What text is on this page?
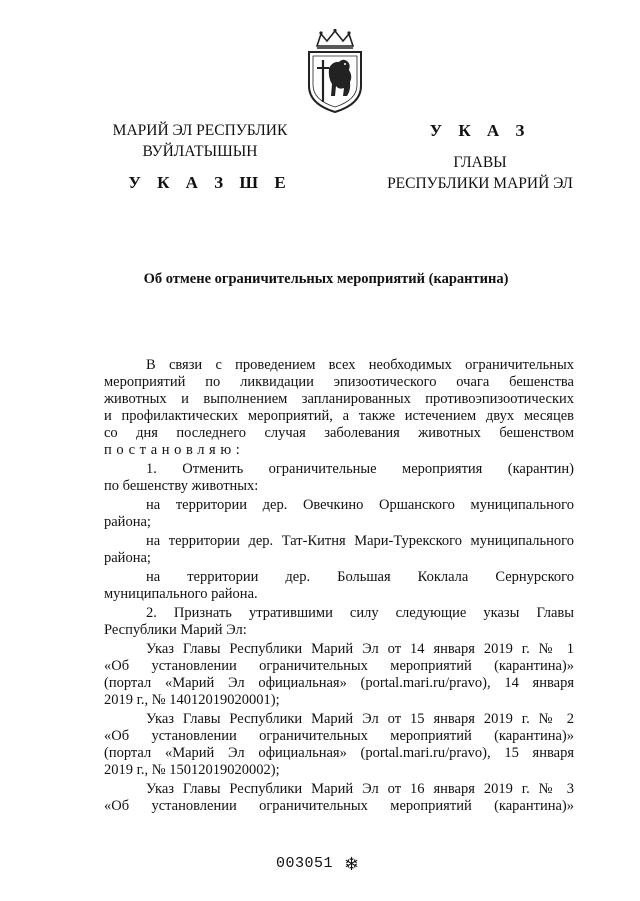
МАРИЙ ЭЛ РЕСПУБЛИК
ВУЙЛАТЫШЫН
У К А З Ш Е
У К А З
ГЛАВЫ
РЕСПУБЛИКИ МАРИЙ ЭЛ
Об отмене ограничительных мероприятий (карантина)
В связи с проведением всех необходимых ограничительных
мероприятий по ликвидации эпизоотического очага бешенства
животных и выполнением запланированных противоэпизоотических
и профилактических мероприятий, а также истечением двух месяцев
со дня последнего случая заболевания животных бешенством
постановляю:
1. Отменить ограничительные мероприятия (карантин)
по бешенству животных:
на территории дер. Овечкино Оршанского муниципального
района;
на территории дер. Тат-Китня Мари-Турекского муниципального
района;
на территории дер. Большая Коклала Сернурского
муниципального района.
2. Признать утратившими силу следующие указы Главы
Республики Марий Эл:
Указ Главы Республики Марий Эл от 14 января 2019 г. № 1
«Об установлении ограничительных мероприятий (карантина)»
(портал «Марий Эл официальная» (portal.mari.ru/pravo), 14 января
2019 г., № 14012019020001);
Указ Главы Республики Марий Эл от 15 января 2019 г. № 2
«Об установлении ограничительных мероприятий (карантина)»
(портал «Марий Эл официальная» (portal.mari.ru/pravo), 15 января
2019 г., № 15012019020002);
Указ Главы Республики Марий Эл от 16 января 2019 г. № 3
«Об установлении ограничительных мероприятий (карантина)»
003051 ❄
